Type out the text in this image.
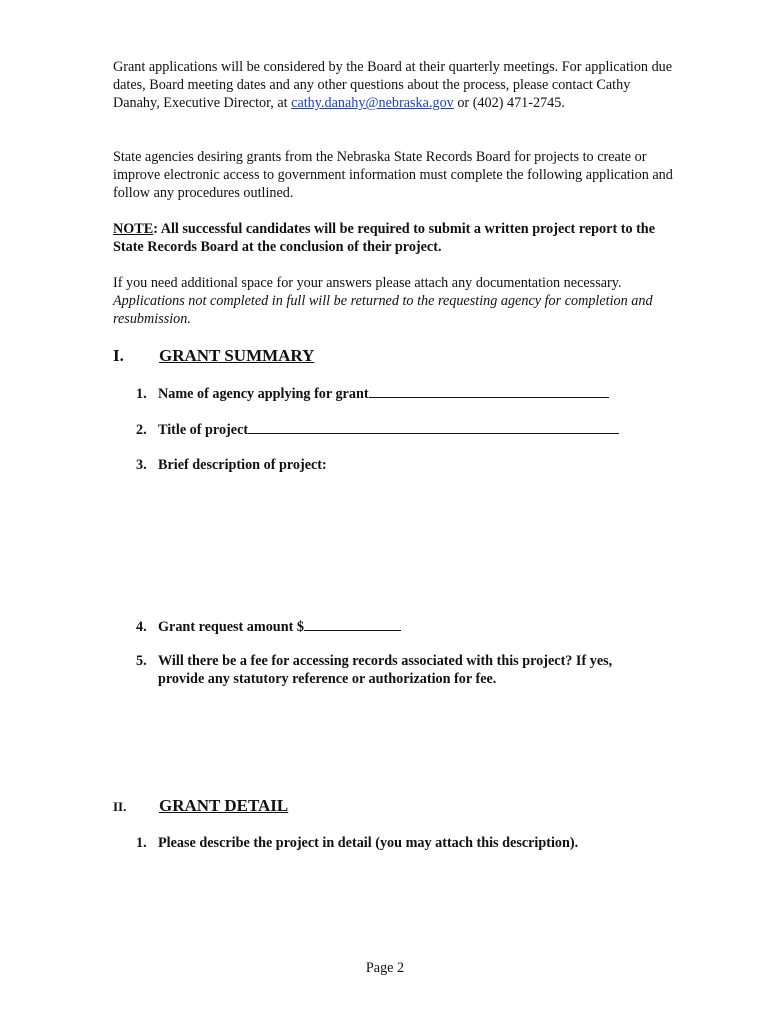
Grant applications will be considered by the Board at their quarterly meetings. For application due dates, Board meeting dates and any other questions about the process, please contact Cathy Danahy, Executive Director, at cathy.danahy@nebraska.gov or (402) 471-2745.

State agencies desiring grants from the Nebraska State Records Board for projects to create or improve electronic access to government information must complete the following application and follow any procedures outlined.

NOTE: All successful candidates will be required to submit a written project report to the State Records Board at the conclusion of their project.

If you need additional space for your answers please attach any documentation necessary. Applications not completed in full will be returned to the requesting agency for completion and resubmission.

I. GRANT SUMMARY

1. Name of agency applying for grant

2. Title of project

3. Brief description of project:

4. Grant request amount $

5. Will there be a fee for accessing records associated with this project? If yes,
provide any statutory reference or authorization for fee.

II. GRANT DETAIL

1. Please describe the project in detail (you may attach this description).

Page 2
